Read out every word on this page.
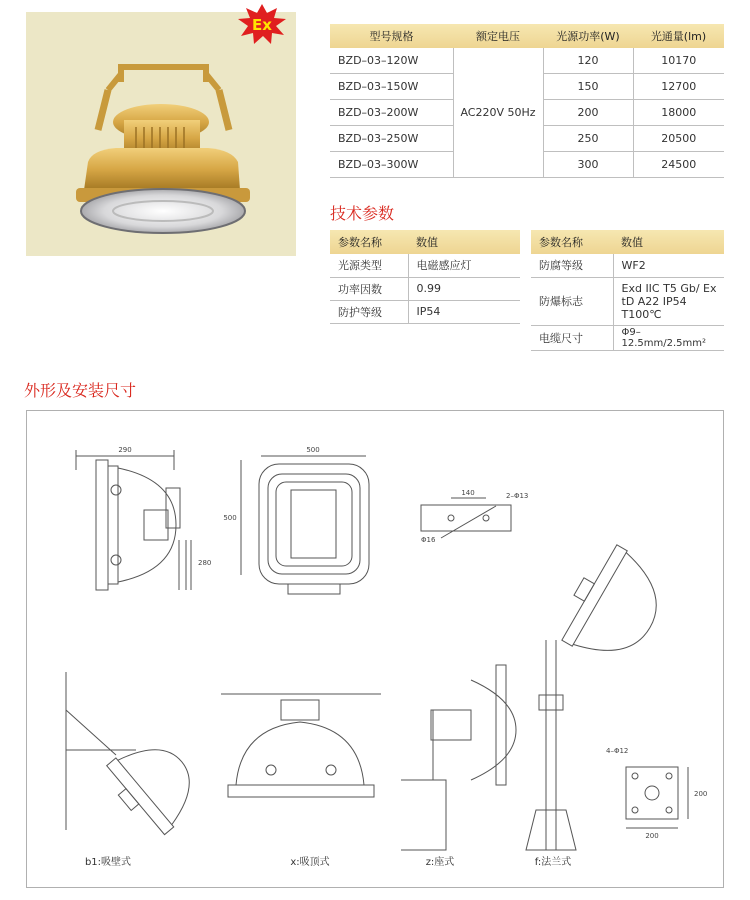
Ex
型号规格	额定电压	光源功率(W)	光通量(lm)
BZD–03–120W	AC220V 50Hz	120	10170
BZD–03–150W		150	12700
BZD–03–200W		200	18000
BZD–03–250W		250	20500
BZD–03–300W		300	24500
技术参数
参数名称	数值
光源类型	电磁感应灯
功率因数	0.99
防护等级	IP54
参数名称	数值
防腐等级	WF2
防爆标志	Exd IIC T5 Gb/ Ex tD A22 IP54 T100℃
电缆尺寸	Φ9–12.5mm/2.5mm²
外形及安装尺寸
290
280
500
500
140	2–Φ13
Φ16
4–Φ12
200
200
b1:吸壁式	x:吸顶式	z:座式	f:法兰式
